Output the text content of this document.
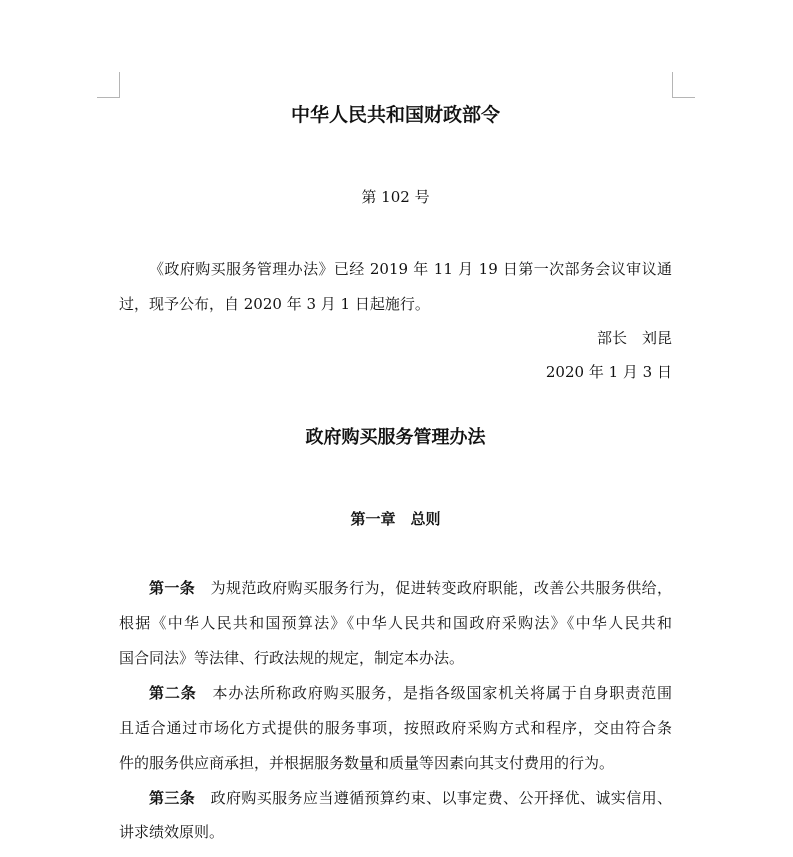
中华人民共和国财政部令
第 102 号
《政府购买服务管理办法》已经 2019 年 11 月 19 日第一次部务会议审议通
过，现予公布，自 2020 年 3 月 1 日起施行。
部长　刘昆
2020 年 1 月 3 日
政府购买服务管理办法
第一章　总则
第一条 为规范政府购买服务行为，促进转变政府职能，改善公共服务供给，
根据《中华人民共和国预算法》《中华人民共和国政府采购法》《中华人民共和
国合同法》等法律、行政法规的规定，制定本办法。
第二条 本办法所称政府购买服务，是指各级国家机关将属于自身职责范围
且适合通过市场化方式提供的服务事项，按照政府采购方式和程序，交由符合条
件的服务供应商承担，并根据服务数量和质量等因素向其支付费用的行为。
第三条 政府购买服务应当遵循预算约束、以事定费、公开择优、诚实信用、
讲求绩效原则。
